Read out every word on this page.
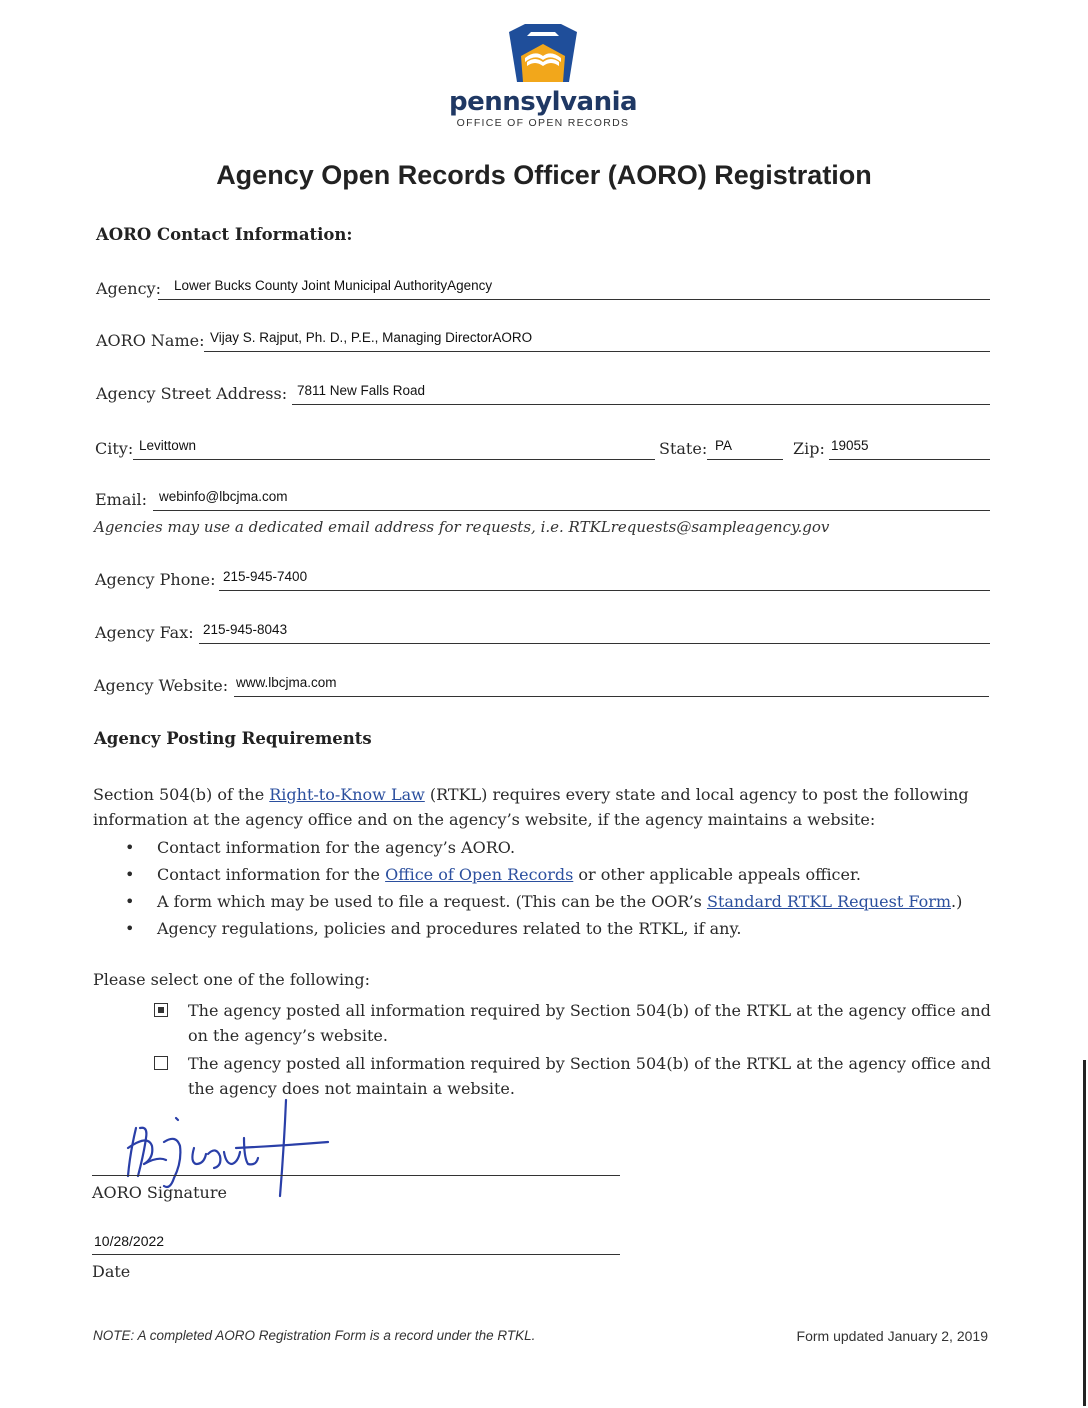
pennsylvania
OFFICE OF OPEN RECORDS
Agency Open Records Officer (AORO) Registration
AORO Contact Information:
Agency: Lower Bucks County Joint Municipal AuthorityAgency
AORO Name: Vijay S. Rajput, Ph. D., P.E., Managing DirectorAORO
Agency Street Address: 7811 New Falls Road
City: Levittown	State: PA	Zip: 19055
Email: webinfo@lbcjma.com
Agencies may use a dedicated email address for requests, i.e. RTKLrequests@sampleagency.gov
Agency Phone: 215-945-7400
Agency Fax: 215-945-8043
Agency Website: www.lbcjma.com
Agency Posting Requirements
Section 504(b) of the Right-to-Know Law (RTKL) requires every state and local agency to post the following information at the agency office and on the agency’s website, if the agency maintains a website:
• Contact information for the agency’s AORO.
• Contact information for the Office of Open Records or other applicable appeals officer.
• A form which may be used to file a request. (This can be the OOR’s Standard RTKL Request Form.)
• Agency regulations, policies and procedures related to the RTKL, if any.
Please select one of the following:
The agency posted all information required by Section 504(b) of the RTKL at the agency office and on the agency’s website.
The agency posted all information required by Section 504(b) of the RTKL at the agency office and the agency does not maintain a website.
AORO Signature
10/28/2022
Date
NOTE: A completed AORO Registration Form is a record under the RTKL.	Form updated January 2, 2019
